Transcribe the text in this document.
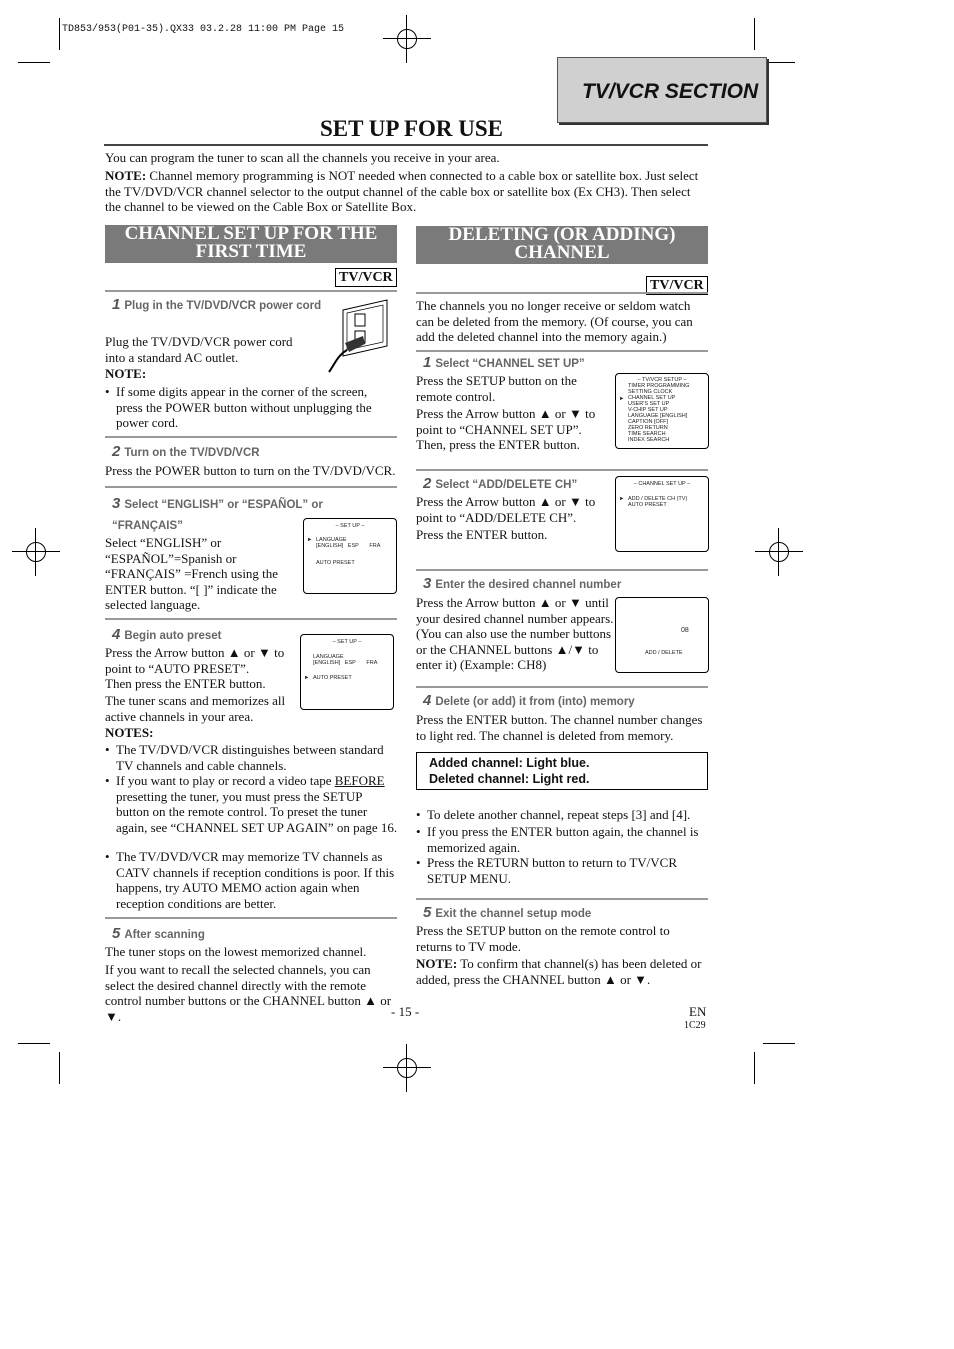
TD853/953(P01-35).QX33 03.2.28 11:00 PM Page 15
TV/VCR SECTION
SET UP FOR USE
You can program the tuner to scan all the channels you receive in your area.
NOTE: Channel memory programming is NOT needed when connected to a cable box or satellite box. Just select the TV/DVD/VCR channel selector to the output channel of the cable box or satellite box (Ex CH3). Then select the channel to be viewed on the Cable Box or Satellite Box.
CHANNEL SET UP FOR THE FIRST TIME
TV/VCR
1 Plug in the TV/DVD/VCR power cord
Plug the TV/DVD/VCR power cord into a standard AC outlet.
NOTE:
• If some digits appear in the corner of the screen, press the POWER button without unplugging the power cord.
2 Turn on the TV/DVD/VCR
Press the POWER button to turn on the TV/DVD/VCR.
3 Select “ENGLISH” or “ESPAÑOL” or “FRANÇAIS”	– SET UP –
► LANGUAGE
[ENGLISH]   ESP       FRA
AUTO PRESET
Select “ENGLISH” or “ESPAÑOL”=Spanish or “FRANÇAIS” =French using the ENTER button. “[ ]” indicate the selected language.
4 Begin auto preset	– SET UP –
LANGUAGE
[ENGLISH]   ESP       FRA
► AUTO PRESET
Press the Arrow button ▲ or ▼ to point to “AUTO PRESET”.
Then press the ENTER button.
The tuner scans and memorizes all active channels in your area.
NOTES:
• The TV/DVD/VCR distinguishes between standard TV channels and cable channels.
• If you want to play or record a video tape BEFORE presetting the tuner, you must press the SETUP button on the remote control. To preset the tuner again, see “CHANNEL SET UP AGAIN” on page 16.
• The TV/DVD/VCR may memorize TV channels as CATV channels if reception conditions is poor. If this happens, try AUTO MEMO action again when reception conditions are better.
5 After scanning
The tuner stops on the lowest memorized channel.
If you want to recall the selected channels, you can select the desired channel directly with the remote control number buttons or the CHANNEL button ▲ or ▼.
DELETING (OR ADDING) CHANNEL
TV/VCR
The channels you no longer receive or seldom watch can be deleted from the memory. (Of course, you can add the deleted channel into the memory again.)
1 Select “CHANNEL SET UP”
Press the SETUP button on the remote control.
Press the Arrow button ▲ or ▼ to point to “CHANNEL SET UP”. Then, press the ENTER button.
– TV/VCR SETUP –
►
TIMER PROGRAMMING
SETTING CLOCK
CHANNEL SET UP
USER'S SET UP
V-CHIP SET UP
LANGUAGE [ENGLISH]
CAPTION [OFF]
ZERO RETURN
TIME SEARCH
INDEX SEARCH
2 Select “ADD/DELETE CH”
Press the Arrow button ▲ or ▼ to point to “ADD/DELETE CH”.
Press the ENTER button.
– CHANNEL SET UP –
► ADD / DELETE CH (TV)
AUTO PRESET
3 Enter the desired channel number
Press the Arrow button ▲ or ▼ until your desired channel number appears. (You can also use the number buttons or the CHANNEL buttons ▲/▼ to enter it) (Example: CH8)
08
ADD / DELETE
4 Delete (or add) it from (into) memory
Press the ENTER button. The channel number changes to light red. The channel is deleted from memory.
Added channel: Light blue.
Deleted channel: Light red.
• To delete another channel, repeat steps [3] and [4].
• If you press the ENTER button again, the channel is memorized again.
• Press the RETURN button to return to TV/VCR SETUP MENU.
5 Exit the channel setup mode
Press the SETUP button on the remote control to returns to TV mode.
NOTE: To confirm that channel(s) has been deleted or added, press the CHANNEL button ▲ or ▼.
- 15 -	EN
1C29
